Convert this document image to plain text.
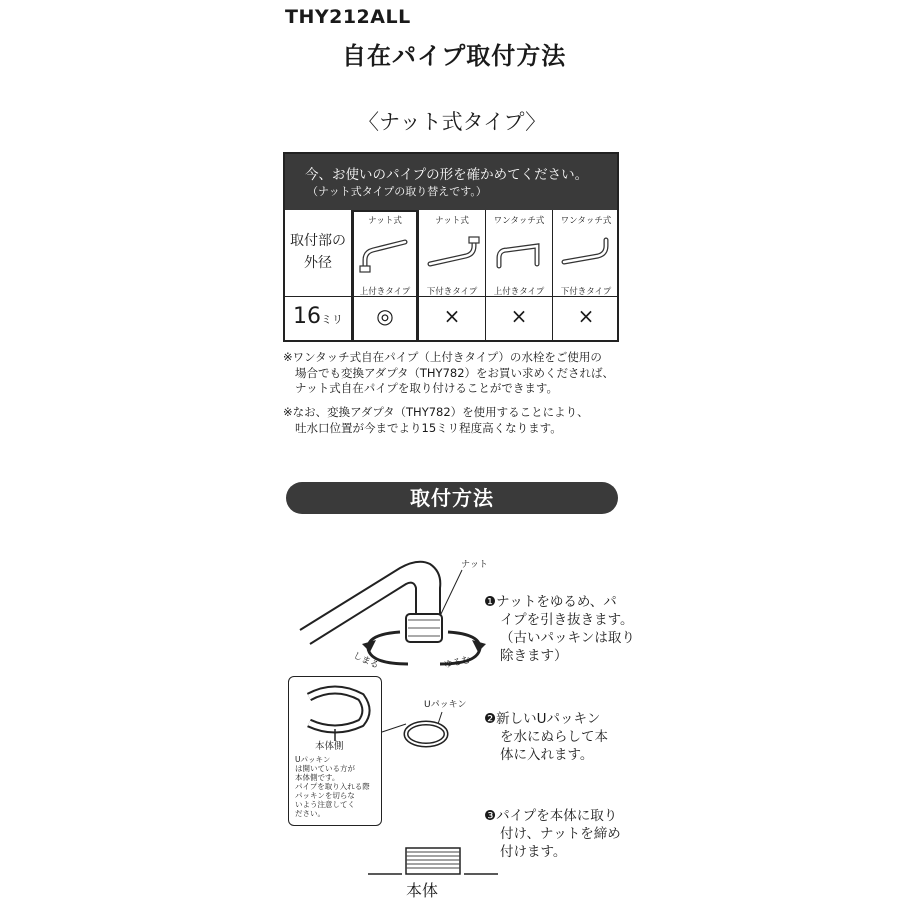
THY212ALL
自在パイプ取付方法
〈ナット式タイプ〉
今、お使いのパイプの形を確かめてください。
（ナット式タイプの取り替えです。）
取付部の
外径
16ミリ
ナット式
上付きタイプ
◎
ナット式
下付きタイプ
×
ワンタッチ式
上付きタイプ
×
ワンタッチ式
下付きタイプ
×
※ワンタッチ式自在パイプ（上付きタイプ）の水栓をご使用の
場合でも変換アダプタ（THY782）をお買い求めくだされば、
ナット式自在パイプを取り付けることができます。
※なお、変換アダプタ（THY782）を使用することにより、
吐水口位置が今までより15ミリ程度高くなります。
取付方法
ナット
しまる	ゆるむ
本体側
Uパッキン
は開いている方が
本体側です。
パイプを取り入れる際
パッキンを切らな
いよう注意してく
ださい。
Uパッキン
本体
❶ナットをゆるめ、パ
イプを引き抜きます。
（古いパッキンは取り
除きます）
❷新しいUパッキン
を水にぬらして本
体に入れます。
❸パイプを本体に取り
付け、ナットを締め
付けます。
